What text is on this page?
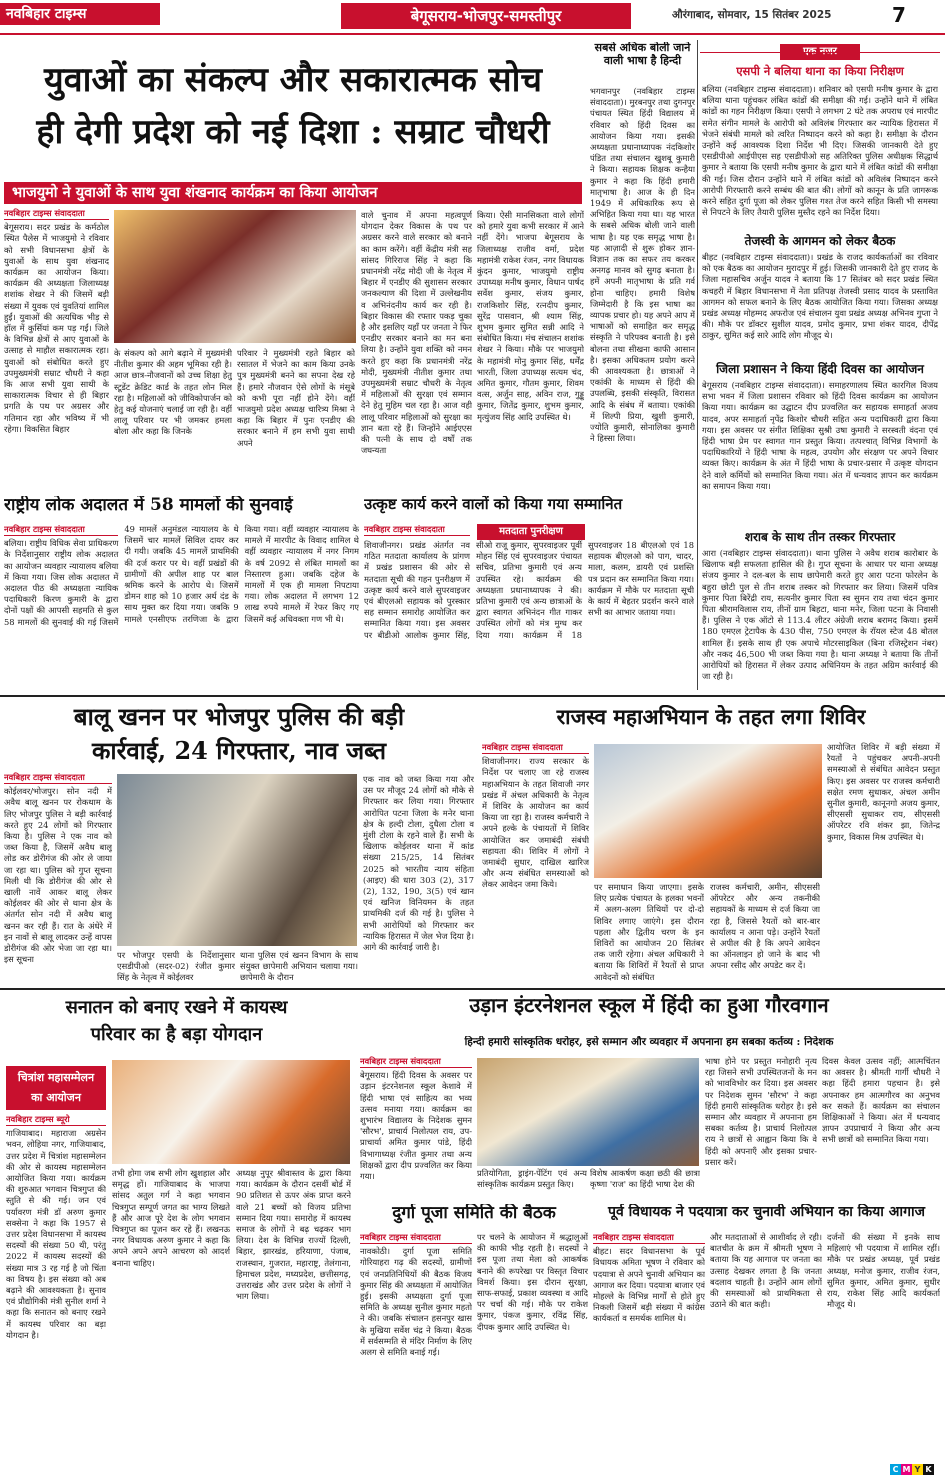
नवबिहार टाइम्स	बेगूसराय-भोजपुर-समस्तीपुर	औरंगाबाद, सोमवार, 15 सितंबर 2025	7
युवाओं का संकल्प और सकारात्मक सोच
ही देगी प्रदेश को नई दिशा : सम्राट चौधरी
भाजयुमो ने युवाओं के साथ युवा शंखनाद कार्यक्रम का किया आयोजन
नवबिहार टाइम्स संवाददाता
बेगूसराय। सदर प्रखंड के कर्मठोल स्थित पैलेस में भाजयुमो ने रविवार को सभी विधानसभा क्षेत्रों के युवाओं के साथ युवा शंखनाद कार्यक्रम का आयोजन किया। कार्यक्रम की अध्यक्षता जिलाध्यक्ष शशांक शेखर ने की जिसमें बड़ी संख्या में युवक एवं युवतियां शामिल हुईं। युवाओं की अत्यधिक भीड़ से हॉल में कुर्सियां कम पड़ गईं। जिले के विभिन्न क्षेत्रों से आए युवाओं के उत्साह से माहौल सकारात्मक रहा। युवाओं को संबोधित करते हुए उपमुख्यमंत्री सम्राट चौधरी ने कहा कि आज सभी युवा साथी के साकारात्मक विचार से ही बिहार प्रगति के पथ पर अग्रसर और गतिमान रहा और भविष्य में भी रहेगा। विकसित बिहार
के संकल्प को आगे बढ़ाने में मुख्यमंत्री नीतीश कुमार की अहम भूमिका रही है। आज छात्र-नौजवानों को उच्च शिक्षा हेतु स्टूडेंट क्रेडिट कार्ड के तहत लोन मिल रहा है। महिलाओं को जीविकोपार्जन को हेतु कई योजनाएं चलाई जा रही है। वहीं लालू परिवार पर भी जमकर हमला बोला और कहा कि जिनके
परिवार ने मुख्यमंत्री रहते बिहार को रसातल में भेजने का काम किया उनके पुत्र मुख्यमंत्री बनने का सपना देख रहे हैं। हमारे नौजवान ऐसे लोगों के मंसूबे को कभी पूरा नहीं होने देंगे। वहीं भाजयुमो प्रदेश अध्यक्ष चारित्र्य मिश्रा ने कहा कि बिहार में पुनः एनडीए की सरकार बनाने में हम सभी युवा साथी अपने
वाले चुनाव में अपना महत्वपूर्ण योगदान देकर विकास के पथ पर अग्रसर करने वाले सरकार को बनाने का काम करेंगे। वहीं केंद्रीय मंत्री सह सांसद गिरिराज सिंह ने कहा कि प्रधानमंत्री नरेंद्र मोदी जी के नेतृत्व में बिहार में एनडीए की सुशासन सरकार जनकल्याण की दिशा में उल्लेखनीय व अभिनंदनीय कार्य कर रही है। बिहार विकास की रफ्तार पकड़ चुका है और इसलिए यहाँ पर जनता ने फिर एनडीए सरकार बनाने का मन बना लिया है। उन्होंने युवा शक्ति को नमन करते हुए कहा कि प्रधानमंत्री नरेंद्र मोदी, मुख्यमंत्री नीतीश कुमार तथा उपमुख्यमंत्री सम्राट चौधरी के नेतृत्व में महिलाओं की सुरक्षा एवं सम्मान देने हेतु मुहिम चल रहा है। आज वही लालू परिवार महिलाओं को सुरक्षा का ज्ञान बता रहे हैं। जिन्होंने आईएएस की पत्नी के साथ दो वर्षों तक जघन्यता
किया। ऐसी मानसिकता वाले लोगों को हमारे युवा कभी सरकार में आने नहीं देंगे। भाजपा बेगूसराय के जिलाध्यक्ष राजीव वर्मा, प्रदेश महामंत्री राकेश रंजन, नगर विधायक कुंदन कुमार, भाजयुमो राष्ट्रीय उपाध्यक्ष मनीष कुमार, विधान पार्षद सर्वेश कुमार, संजय कुमार, राजकिशोर सिंह, रत्नदीप कुमार, सुरेंद्र पासवान, श्री श्याम सिंह, शुभम कुमार सुमित सन्नी आदि ने संबोधित किया। मंच संचालन शशांक शेखर ने किया। मौके पर भाजयुमो के महामंत्री मोनु कुमार सिंह, धर्मेंद्र भारती, जिला उपाध्यक्ष सत्यम चंद, अमित कुमार, गौतम कुमार, शिवम वत्स, अर्जुन साह, अविन राज, गुड्डू कुमार, जितेंद्र कुमार, शुभम कुमार, मृत्युंजय सिंह आदि उपस्थित थे।
सबसे अधिक बोली जाने वाली भाषा है हिन्दी
भगवानपुर (नवबिहार टाइम्स संवाददाता)। मुरबनपुर तथा दुगनपुर पंचायत स्थित हिंदी विद्यालय में रविवार को हिंदी दिवस का आयोजन किया गया। इसकी अध्यक्षता प्रधानाध्यापक नंदकिशोर पंडित तथा संचालन खुशबू कुमारी ने किया। सहायक शिक्षक कन्हैया कुमार ने कहा कि हिंदी हमारी मातृभाषा है। आज के ही दिन 1949 में अधिकारिक रूप से अभिहित किया गया था। यह भारत के सबसे अधिक बोली जाने वाली भाषा है। यह एक समृद्ध भाषा है। यह आज़ादी से शुरू होकर ज्ञान-विज्ञान तक का सफर तय करकर अनगढ़ मानव को सुगढ़ बनाता है। हमें अपनी मातृभाषा के प्रति गर्व होना चाहिए। हमारी विशेष जिम्मेदारी है कि इस भाषा का व्यापक प्रचार हो। यह अपने आप में भाषाओं को समाहित कर समृद्ध संस्कृति ने परिपक्व बनाती है। इसे बोलना तथा सीखना काफी आसान है। इसका अधिकतम प्रयोग करने की आवश्यकता है। छात्राओं ने एकांकी के माध्यम से हिंदी की उपलब्धि, इसकी संस्कृति, विरासत आदि के संबंध में बताया। एकांकी में शिल्पी प्रिया, खुशी कुमारी, ज्योति कुमारी, सोनालिका कुमारी ने हिस्सा लिया।
एसपी ने बलिया थाना का किया निरीक्षण
बलिया (नवबिहार टाइम्स संवाददाता)। शनिवार को एसपी मनीष कुमार के द्वारा बलिया थाना पहुंचकर लंबित कांडों की समीक्षा की गई। उन्होंने थाने में लंबित कांडों का गहन निरीक्षण किया। एसपी ने लगभग 2 घंटे तक अपराध एवं मारपीट समेत संगीन मामले के आरोपी को अविलंब गिरफ्तार कर न्यायिक हिरासत में भेजने संबंधी मामले को त्वरित निष्पादन करने को कहा है। समीक्षा के दौरान उन्होंने कई आवश्यक दिशा निर्देश भी दिए। जिसकी जानकारी देते हुए एसडीपीओ आईपीएस सह एसडीपीओ सह अतिरिक्त पुलिस अधीक्षक सिद्धार्थ कुमार ने बताया कि एसपी मनीष कुमार के द्वारा थाने में लंबित कांडों की समीक्षा की गई। जिस दौरान उन्होंने थाने में लंबित कांडों को अविलंब निष्पादन करने आरोपी गिरफ्तारी करने सम्बंध की बात की। लोगों को कानून के प्रति जागरूक करने सहित दुर्गा पूजा को लेकर पुलिस गश्त तेज करने सहित किसी भी समस्या से निपटने के लिए तैयारी पुलिस मुस्तैद रहने का निर्देश दिया।
तेजस्वी के आगमन को लेकर बैठक
बीहट (नवबिहार टाइम्स संवाददाता)। प्रखंड के राजद कार्यकर्ताओं का रविवार को एक बैठक का आयोजन मुरादपुर में हुई। जिसकी जानकारी देते हुए राजद के जिला महासचिव अर्जुन यादव ने बताया कि 17 सितंबर को सदर प्रखंड स्थित कचहरी में बिहार विधानसभा में नेता प्रतिपक्ष तेजस्वी प्रसाद यादव के प्रस्तावित आगमन को सफल बनाने के लिए बैठक आयोजित किया गया। जिसका अध्यक्ष प्रखंड अध्यक्ष मोहम्मद अफरोज एवं संचालन युवा प्रखंड अध्यक्ष अभिनव गुप्ता ने की। मौके पर डॉक्टर सुशील यादव, प्रमोद कुमार, प्रभा शंकर यादव, दीपेंद्र ठाकुर, सुमित कई सारे आदि लोग मौजूद थे।
जिला प्रशासन ने किया हिंदी दिवस का आयोजन
बेगूसराय (नवबिहार टाइम्स संवाददाता)। समाहरणालय स्थित कारगिल विजय सभा भवन में जिला प्रशासन रविवार को हिंदी दिवस कार्यक्रम का आयोजन किया गया। कार्यक्रम का उद्घाटन दीप प्रज्वलित कर सहायक समाहर्ता अजय यादव, अपर समाहर्ता नृपेंद्र किशोर चौधरी सहित अन्य पदाधिकारी द्वारा किया गया। इस अवसर पर संगीत शिक्षिका सुश्री उषा कुमारी ने सरस्वती वंदना एवं हिंदी भाषा प्रेम पर स्वागत गान प्रस्तुत किया। तत्पश्चात् विभिन्न विभागों के पदाधिकारियों ने हिंदी भाषा के महत्व, उपयोग और संरक्षण पर अपने विचार व्यक्त किए। कार्यक्रम के अंत में हिंदी भाषा के प्रचार-प्रसार में उत्कृष्ट योगदान देने वाले कर्मियों को सम्मानित किया गया। अंत में धन्यवाद ज्ञापन कर कार्यक्रम का समापन किया गया।
शराब के साथ तीन तस्कर गिरफ्तार
आरा (नवबिहार टाइम्स संवाददाता)। थाना पुलिस ने अवैध शराब कारोबार के खिलाफ बड़ी सफलता हासिल की है। गुप्त सूचना के आधार पर थाना अध्यक्ष संजय कुमार ने दल-बल के साथ छापेमारी करते हुए आरा पटना फोरलेन के बहुरा छोटी पुल से तीन शराब तस्कर को गिरफ्तार कर लिया। जिसमें पवित्र कुमार पिता बिरेंद्री राय, सत्यनीर कुमार पिता स्व सुमन राय तथा चंदन कुमार पिता श्रीरामविलास राय, तीनों ग्राम बिहटा, थाना मनेर, जिला पटना के निवासी हैं। पुलिस ने एक ऑटो से 113.4 लीटर अंग्रेजी शराब बरामद किया। इसमें 180 एमएल ट्रेटापैक के 430 पीस, 750 एमएल के रॉयल स्टेज 48 बोतल शामिल हैं। इसके साथ ही एक अपाचे मोटरसाइकिल (बिना रजिस्ट्रेशन नंबर) और नकद 46,500 भी जब्त किया गया है। थाना अध्यक्ष ने बताया कि तीनों आरोपियों को हिरासत में लेकर उत्पाद अधिनियम के तहत अग्रिम कार्रवाई की जा रही है।
राष्ट्रीय लोक अदालत में 58 मामलों की सुनवाई
नवबिहार टाइम्स संवाददाता
बलिया। राष्ट्रीय विधिक सेवा प्राधिकरण के निर्देशानुसार राष्ट्रीय लोक अदालत का आयोजन व्यवहार न्यायालय बलिया में किया गया। जिस लोक अदालत में अदालत पीठ की अध्यक्षता न्यायिक पदाधिकारी किरण कुमारी के द्वारा दोनों पक्षों की आपसी सहमति से कुल 58 मामलों की सुनवाई की गई जिसमें 49 मामलें अनुमंडल न्यायालय के थे जिसमें चार मामलें सिविल दायर कर दी गयी। जबकि 45 मामलें प्राथमिकी की दर्ज करार पर थे। वहीं प्रखंडों की ग्रामीणों की अपील शाह पर बाल श्रमिक करने के आरोप थे। जिसमें डोमन शाह को 10 हजार अर्थ दंड के साथ मुक्त कर दिया गया। जबकि 9 मामले एनसीएफ तरणिजा के द्वारा किया गया। वहीं व्यवहार न्यायालय के मामले में मारपीट के विवाद शामिल थे वहीं व्यवहार न्यायालय में नगर निगम के वर्ष 2092 से लंबित मामलों का निस्तारण हुआ। जबकि दहेज के मामलों में एक ही मामला निपटाया गया। लोक अदालत में लगभग 12 लाख रुपये मामले में रेफर किए गए जिसमें कई अधिवक्ता गण भी थे।
उत्कृष्ट कार्य करने वालों को किया गया सम्मानित
नवबिहार टाइम्स संवाददाता	मतदाता पुनरीक्षण
शिवाजीनगर। प्रखंड अंतर्गत नव गठित मतदाता कार्यालय के प्रांगण में प्रखंड प्रशासन की ओर से मतदाता सूची की गहन पुनरीक्षण में उत्कृष्ट कार्य करने वाले सुपरवाइजर एवं बीएलओ सहायक को पुरस्कार सह सम्मान समारोह आयोजित कर सम्मानित किया गया। इस अवसर पर बीडीओ आलोक कुमार सिंह, सीओ राजू कुमार, सुपरवाइजर पूर्वी मोहन सिंह एवं सुपरवाइजर पंचायत सचिव, प्रतिभा कुमारी एवं अन्य उपस्थित रहे। कार्यक्रम की अध्यक्षता प्रधानाध्यापक ने की। प्रतिभा कुमारी एवं अन्य छात्राओं के द्वारा स्वागत अभिनंदन गीत गाकर उपस्थित लोगों को मंत्र मुग्ध कर दिया गया। कार्यक्रम में 18 सुपरवाइजर 18 बीएलओ एवं 18 सहायक बीएलओ को पाग, चादर, माला, कलम, डायरी एवं प्रशस्ति पत्र प्रदान कर सम्मानित किया गया। कार्यक्रम में मौके पर मतदाता सूची के कार्य में बेहतर प्रदर्शन करने वाले सभी का आभार जताया गया।
बालू खनन पर भोजपुर पुलिस की बड़ी
कार्रवाई, 24 गिरफ्तार, नाव जब्त
नवबिहार टाइम्स संवाददाता
कोईलवर/भोजपुर। सोन नदी में अवैध बालू खनन पर रोकथाम के लिए भोजपुर पुलिस ने बड़ी कार्रवाई करते हुए 24 लोगों को गिरफ्तार किया है। पुलिस ने एक नाव को जब्त किया है, जिसमें अवैध बालू लोड कर डोरीगंज की ओर ले जाया जा रहा था। पुलिस को गुप्त सूचना मिली थी कि डोरीगंज की ओर से खाली नावें आकर बालू लेकर कोईलवर की ओर से थाना क्षेत्र के अंतर्गत सोन नदी में अवैध बालू खनन कर रही हैं। रात के अंधेरे में इन नावों से बालू लादकर उन्हें वापस डोरीगंज की ओर भेजा जा रहा था। इस सूचना	पर भोजपुर एसपी के निर्देशानुसार एसडीपीओ (सदर-02) रंजीत कुमार सिंह के नेतृत्व में कोईलवर
थाना पुलिस एवं खनन विभाग के साथ संयुक्त छापेमारी अभियान चलाया गया। छापेमारी के दौरान
एक नाव को जब्त किया गया और उस पर मौजूद 24 लोगों को मौके से गिरफ्तार कर लिया गया। गिरफ्तार आरोपित पटना जिला के मनेर थाना क्षेत्र के हल्दी टोला, दुधैला टोला व मुंशी टोला के रहने वाले हैं। सभी के खिलाफ कोईलवर थाना में कांड संख्या 215/25, 14 सितंबर 2025 को भारतीय न्याय संहिता (आइए) की धारा 303 (2), 317 (2), 132, 190, 3(5) एवं खान एवं खनिज विनियमन के तहत प्राथमिकी दर्ज की गई है। पुलिस ने सभी आरोपियों को गिरफ्तार कर न्यायिक हिरासत में जेल भेज दिया है। आगे की कार्रवाई जारी है।
राजस्व महाअभियान के तहत लगा शिविर
नवबिहार टाइम्स संवाददाता
शिवाजीनगर। राज्य सरकार के निर्देश पर चलाए जा रहे राजस्व महाअभियान के तहत शिवाजी नगर प्रखंड में अंचल अधिकारी के नेतृत्व में शिविर के आयोजन का कार्य किया जा रहा है। राजस्व कर्मचारी ने अपने हल्के के पंचायतों में शिविर आयोजित कर जमाबंदी संबंधी सहायता की। शिविर में लोगों ने जमाबंदी सुधार, दाखिल खारिज और अन्य संबंधित समस्याओं को लेकर आवेदन जमा किये।	पर समाधान किया जाएगा। इसके लिए प्रत्येक पंचायत के हलका भवनों में अलग-अलग तिथियों पर दो-दो शिविर लगाए जाएंगे। इस दौरान पहला और द्वितीय चरण के इन शिविरों का आयोजन 20 सितंबर तक जारी रहेगा। अंचल अधिकारी ने बताया कि शिविरों में रैयतों से प्राप्त आवेदनों को संबंधित
राजस्व कर्मचारी, अमीन, सीएससी ऑपरेटर और अन्य तकनीकी सहायकों के माध्यम से दर्ज किया जा रहा है, जिससे रैयतों को बार-बार कार्यालय न आना पड़े। उन्होंने रैयतों से अपील की है कि अपने आवेदन का ऑनलाइन हो जाने के बाद भी अपना रसीद और अपडेट कर दें।
आयोजित शिविर में बड़ी संख्या में रैयतों ने पहुंचकर अपनी-अपनी समस्याओं से संबंधित आवेदन प्रस्तुत किए। इस अवसर पर राजस्व कर्मचारी सक्षेत रमण सुधाकर, अंचल अमीन सुनील कुमारी, कानूनगो अजय कुमार, सीएससी सुधाकर राय, सीएससी ऑपरेटर रवि शंकर झा, जितेन्द्र कुमार, विकास मिश्र उपस्थित थे।
सनातन को बनाए रखने में कायस्थ
परिवार का है बड़ा योगदान
चित्रांश महासम्मेलन
का आयोजन
नवबिहार टाइम्स ब्यूरो
गाजियाबाद। महाराजा अग्रसेन भवन, लोहिया नगर, गाजियाबाद, उत्तर प्रदेश में चित्रांश महासम्मेलन की ओर से कायस्थ महासम्मेलन आयोजित किया गया। कार्यक्रम की शुरुआत भगवान चित्रगुप्त की स्तुति से की गई। जन एवं पर्यावरण मंत्री डॉ अरुण कुमार सक्सेना ने कहा कि 1957 से उत्तर प्रदेश विधानसभा में कायस्थ सदस्यों की संख्या 50 थी, परंतु 2022 में कायस्थ सदस्यों की संख्या मात्र 3 रह गई है जो चिंता का विषय है। इस संख्या को अब बढ़ाने की आवश्यकता है। सुनाव एवं प्रौद्योगिकी मंत्री सुनील शर्मा ने कहा कि सनातन को बनाए रखने में कायस्थ परिवार का बड़ा योगदान है।
तभी होगा जब सभी लोग खुशहाल और समृद्ध हों। गाजियाबाद के भाजपा सांसद अतुल गर्ग ने कहा भगवान चित्रगुप्त सम्पूर्ण जगत का भाग्य लिखते हैं और आज पूरे देश के लोग भगवान चित्रगुप्त का पूजन कर रहे हैं। लखनऊ नगर विधायक अरुण कुमार ने कहा कि अपने अपने अपने आचरण को आदर्श बनाना चाहिए।
अध्यक्ष नुपूर श्रीवास्तव के द्वारा किया गया। कार्यक्रम के दौरान दसवीं बोर्ड में 90 प्रतिशत से ऊपर अंक प्राप्त करने वाले 21 बच्चों को विजय प्रतिभा सम्मान दिया गया। समारोह में कायस्थ समाज के लोगों ने बढ़ चढ़कर भाग लिया। देश के विभिन्न राज्यों दिल्ली, बिहार, झारखंड, हरियाणा, पंजाब, राजस्थान, गुजरात, महाराष्ट्र, तेलंगाना, हिमाचल प्रदेश, मध्यप्रदेश, छत्तीसगढ़, उत्तराखंड और उत्तर प्रदेश के लोगों ने भाग लिया।
उड़ान इंटरनेशनल स्कूल में हिंदी का हुआ गौरवगान
हिन्दी हमारी सांस्कृतिक धरोहर, इसे सम्मान और व्यवहार में अपनाना हम सबका कर्तव्य : निदेशक
नवबिहार टाइम्स संवाददाता
बेगूसराय। हिंदी दिवस के अवसर पर उड़ान इंटरनेशनल स्कूल केशावे में हिंदी भाषा एवं साहित्य का भव्य उत्सव मनाया गया। कार्यक्रम का शुभारंभ विद्यालय के निदेशक सुमन 'सौरभ', प्राचार्य निलोत्पल राय, उप-प्राचार्या अमित कुमार पांडे, हिंदी विभागाध्यक्ष रंजीत कुमार तथा अन्य शिक्षकों द्वारा दीप प्रज्वलित कर किया गया।	प्रतियोगिता, ड्राइंग-पेंटिंग एवं अन्य सांस्कृतिक कार्यक्रम प्रस्तुत किए।
विशेष आकर्षण कक्षा छठी की छात्रा कृष्णा 'राज' का हिंदी भाषा देश की
भाषा होने पर प्रस्तुत मनोहारी नृत्य रहा जिसने सभी उपस्थितजनों के मन को भावविभोर कर दिया। इस अवसर पर निदेशक सुमन 'सौरभ' ने कहा हिंदी हमारी सांस्कृतिक धरोहर है। इसे सम्मान और व्यवहार में अपनाना हम सबका कर्तव्य है। प्राचार्य निलोत्पल राय ने छात्रों से आह्वान किया कि वे हिंदी को अपनाएँ और इसका प्रचार-प्रसार करें।
दिवस केवल उत्सव नहीं; आत्मचिंतन का अवसर है। श्रीमती गार्गी चौधरी ने कहा हिंदी हमारा पहचान है। इसे अपनाकर हम आत्मगौरव का अनुभव कर सकते हैं। कार्यक्रम का संचालन शिक्षिकाओं ने किया। अंत में धन्यवाद ज्ञापन उपप्राचार्य ने किया और अन्य सभी छात्रों को सम्मानित किया गया।
दुर्गा पूजा समिति की बैठक
नवबिहार टाइम्स संवाददाता
नावकोठी। दुर्गा पूजा समिति गोरियाहरा गढ़ की सदस्यों, ग्रामीणों एवं जनप्रतिनिधियों की बैठक विजय कुमार सिंह की अध्यक्षता में आयोजित हुई। इसकी अध्यक्षता दुर्गा पूजा समिति के अध्यक्ष सुनील कुमार महतो ने की। जबकि संचालन हसनपुर खास के मुखिया सर्वेश चंद्र ने किया। बैठक में सर्वसम्मति से मंदिर निर्माण के लिए अलग से समिति बनाई गई।
पर चलने के आयोजन में श्रद्धालुओं की काफी भीड़ रहती है। सदस्यों ने इस पूजा तथा मेला को आकर्षक बनाने की रूपरेखा पर विस्तृत विचार विमर्श किया। इस दौरान सुरक्षा, साफ-सफाई, प्रकाश व्यवस्था व आदि पर चर्चा की गई। मौके पर राकेश कुमार, पंकज कुमार, रविंद्र सिंह, दीपक कुमार आदि उपस्थित थे।
पूर्व विधायक ने पदयात्रा कर चुनावी अभियान का किया आगाज
नवबिहार टाइम्स संवाददाता
बीहट। सदर विधानसभा के पूर्व विधायक अमिता भूषण ने रविवार को पदयात्रा से अपने चुनावी अभियान का आगाज कर दिया। पदयात्रा बाजार एवं मोहल्ले के विभिन्न मार्गों से होते हुए निकली जिसमें बड़ी संख्या में कांग्रेस कार्यकर्ता व समर्थक शामिल थे।
और मतदाताओं से आशीर्वाद ले रही। बातचीत के क्रम में श्रीमती भूषण ने बताया कि यह आगाज पर जनता का उत्साह देखकर लगता है कि जनता बदलाव चाहती है। उन्होंने आम लोगों की समस्याओं को प्राथमिकता से उठाने की बात कही।
दर्जनों की संख्या में इनके साथ महिलाएं भी पदयात्रा में शामिल रहीं। मौके पर प्रखंड अध्यक्ष, पूर्व प्रखंड अध्यक्ष, मनोज कुमार, राजीव रंजन, सुमित कुमार, अमित कुमार, सुधीर राय, राकेश सिंह आदि कार्यकर्ता मौजूद थे।
C M Y K
